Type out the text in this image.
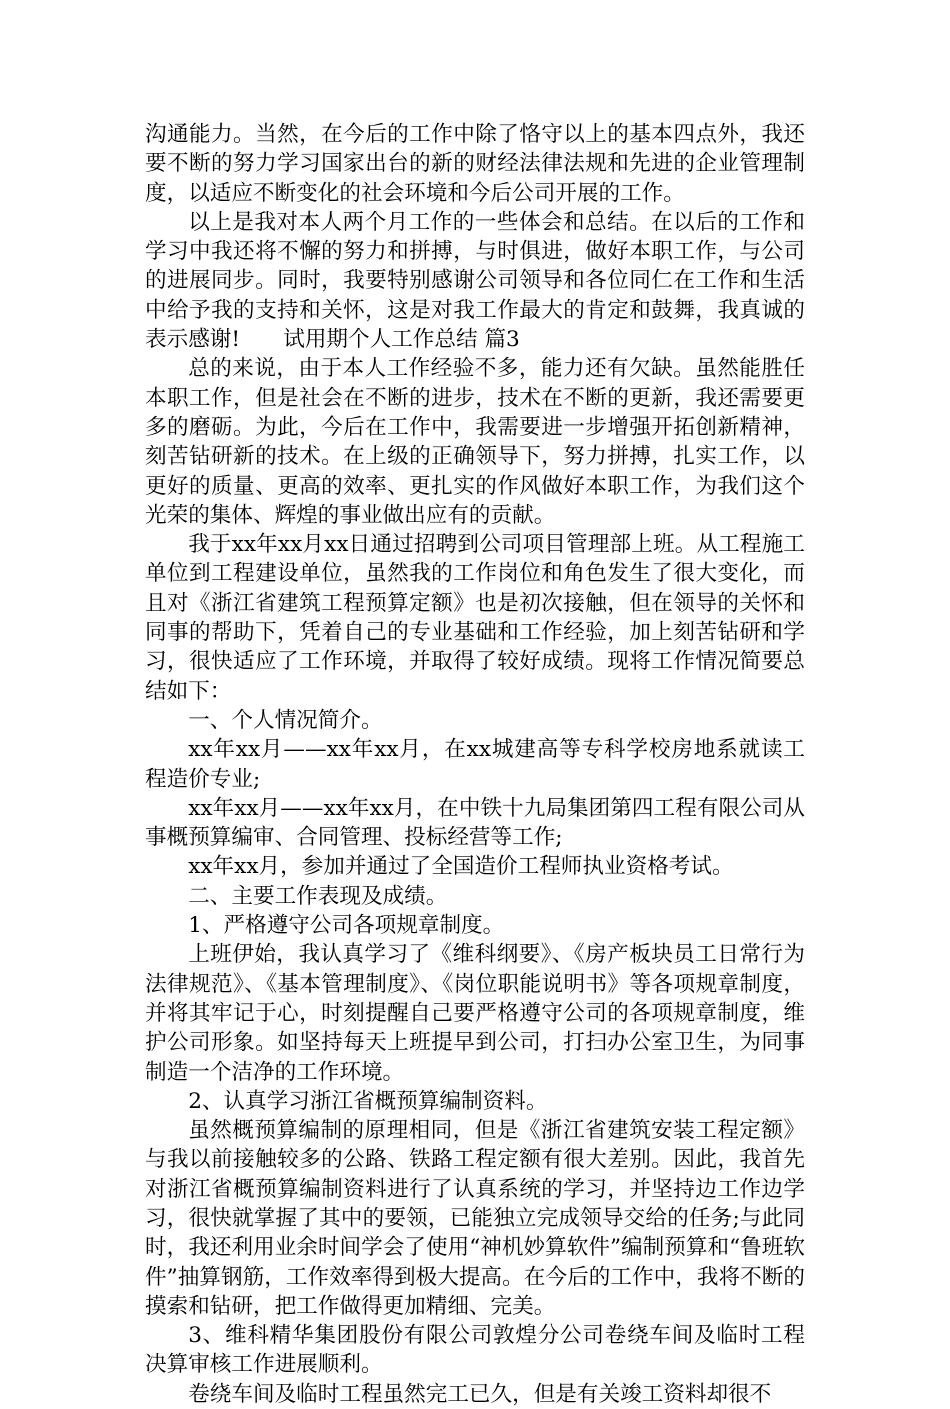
沟通能力。当然，在今后的工作中除了恪守以上的基本四点外，我还要不断的努力学习国家出台的新的财经法律法规和先进的企业管理制度，以适应不断变化的社会环境和今后公司开展的工作。

以上是我对本人两个月工作的一些体会和总结。在以后的工作和学习中我还将不懈的努力和拼搏，与时俱进，做好本职工作，与公司的进展同步。同时，我要特别感谢公司领导和各位同仁在工作和生活中给予我的支持和关怀，这是对我工作最大的肯定和鼓舞，我真诚的表示感谢!　　试用期个人工作总结 篇3

总的来说，由于本人工作经验不多，能力还有欠缺。虽然能胜任本职工作，但是社会在不断的进步，技术在不断的更新，我还需要更多的磨砺。为此，今后在工作中，我需要进一步增强开拓创新精神，刻苦钻研新的技术。在上级的正确领导下，努力拼搏，扎实工作，以更好的质量、更高的效率、更扎实的作风做好本职工作，为我们这个光荣的集体、辉煌的事业做出应有的贡献。

我于xx年xx月xx日通过招聘到公司项目管理部上班。从工程施工单位到工程建设单位，虽然我的工作岗位和角色发生了很大变化，而且对《浙江省建筑工程预算定额》也是初次接触，但在领导的关怀和同事的帮助下，凭着自己的专业基础和工作经验，加上刻苦钻研和学习，很快适应了工作环境，并取得了较好成绩。现将工作情况简要总结如下：

一、个人情况简介。

xx年xx月——xx年xx月，在xx城建高等专科学校房地系就读工程造价专业;

xx年xx月——xx年xx月，在中铁十九局集团第四工程有限公司从事概预算编审、合同管理、投标经营等工作;

xx年xx月，参加并通过了全国造价工程师执业资格考试。

二、主要工作表现及成绩。

1、严格遵守公司各项规章制度。

上班伊始，我认真学习了《维科纲要》、《房产板块员工日常行为法律规范》、《基本管理制度》、《岗位职能说明书》等各项规章制度，并将其牢记于心，时刻提醒自己要严格遵守公司的各项规章制度，维护公司形象。如坚持每天上班提早到公司，打扫办公室卫生，为同事制造一个洁净的工作环境。

2、认真学习浙江省概预算编制资料。

虽然概预算编制的原理相同，但是《浙江省建筑安装工程定额》与我以前接触较多的公路、铁路工程定额有很大差别。因此，我首先对浙江省概预算编制资料进行了认真系统的学习，并坚持边工作边学习，很快就掌握了其中的要领，已能独立完成领导交给的任务;与此同时，我还利用业余时间学会了使用“神机妙算软件”编制预算和“鲁班软件”抽算钢筋，工作效率得到极大提高。在今后的工作中，我将不断的摸索和钻研，把工作做得更加精细、完美。

3、维科精华集团股份有限公司敦煌分公司卷绕车间及临时工程决算审核工作进展顺利。

卷绕车间及临时工程虽然完工已久，但是有关竣工资料却很不
